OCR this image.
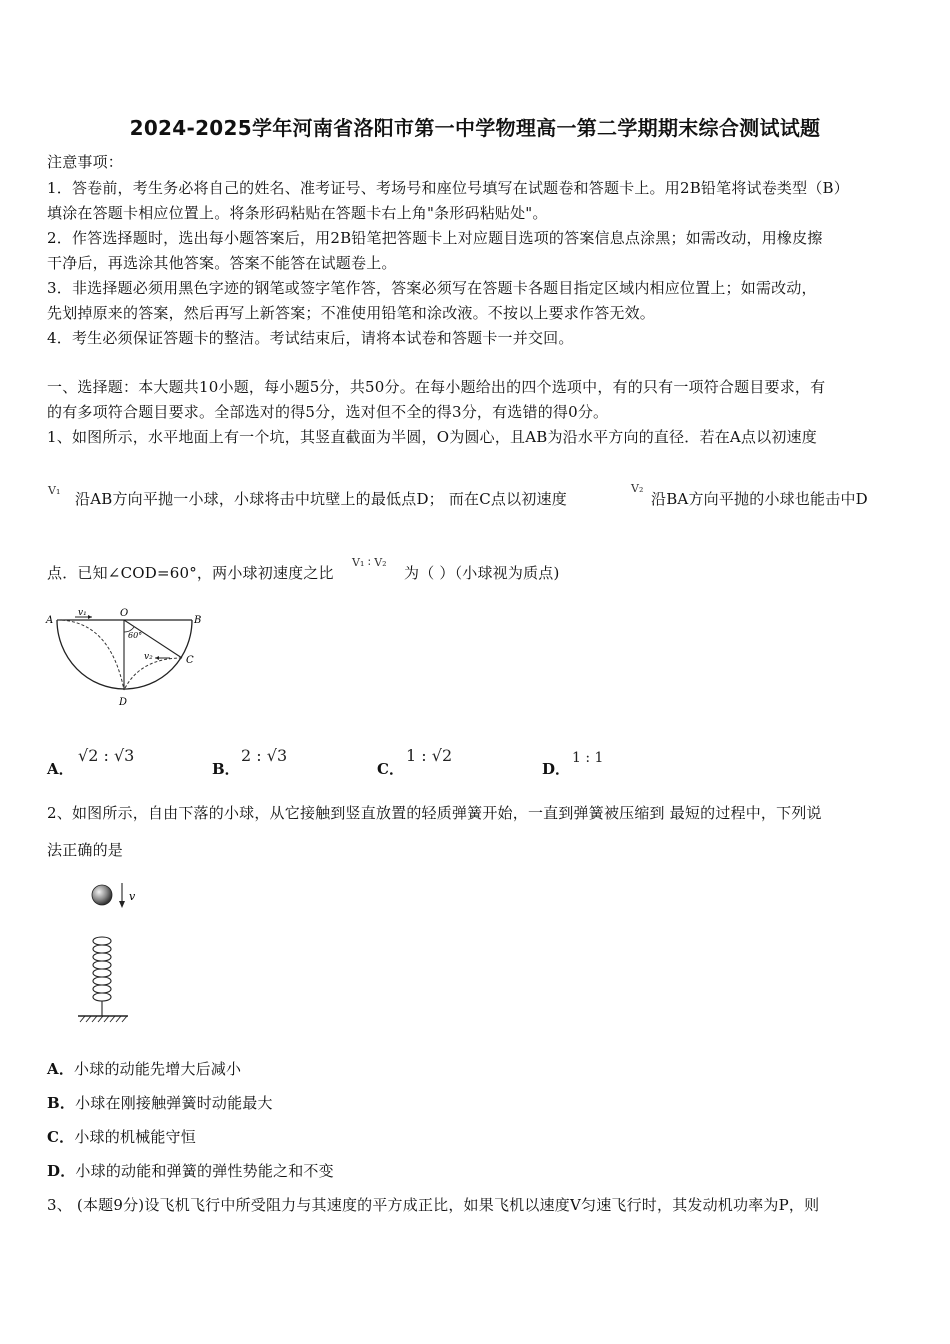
2024-2025学年河南省洛阳市第一中学物理高一第二学期期末综合测试试题
注意事项：
1．答卷前，考生务必将自己的姓名、准考证号、考场号和座位号填写在试题卷和答题卡上。用2B铅笔将试卷类型（B）
填涂在答题卡相应位置上。将条形码粘贴在答题卡右上角"条形码粘贴处"。
2．作答选择题时，选出每小题答案后，用2B铅笔把答题卡上对应题目选项的答案信息点涂黑；如需改动，用橡皮擦
干净后，再选涂其他答案。答案不能答在试题卷上。
3．非选择题必须用黑色字迹的钢笔或签字笔作答，答案必须写在答题卡各题目指定区域内相应位置上；如需改动，
先划掉原来的答案，然后再写上新答案；不准使用铅笔和涂改液。不按以上要求作答无效。
4．考生必须保证答题卡的整洁。考试结束后，请将本试卷和答题卡一并交回。
一、选择题：本大题共10小题，每小题5分，共50分。在每小题给出的四个选项中，有的只有一项符合题目要求，有
的有多项符合题目要求。全部选对的得5分，选对但不全的得3分，有选错的得0分。
1、如图所示，水平地面上有一个坑，其竖直截面为半圆，O为圆心，且AB为沿水平方向的直径．若在A点以初速度
V₁ 沿AB方向平抛一小球，小球将击中坑壁上的最低点D； 而在C点以初速度
V₂
沿BA方向平抛的小球也能击中D
点．已知∠COD=60°，两小球初速度之比
V₁ ∶ V₂
为（ ）（小球视为质点)
A
O
B
C
D
v₁
v₂
60°
A．
√2 : √3
B．
2 : √3
C．
1 : √2
D．
1 : 1
2、如图所示，自由下落的小球，从它接触到竖直放置的轻质弹簧开始，一直到弹簧被压缩到 最短的过程中，下列说
法正确的是
v
A．小球的动能先增大后减小
B．小球在刚接触弹簧时动能最大
C．小球的机械能守恒
D．小球的动能和弹簧的弹性势能之和不变
3、 (本题9分)设飞机飞行中所受阻力与其速度的平方成正比，如果飞机以速度V匀速飞行时，其发动机功率为P，则
